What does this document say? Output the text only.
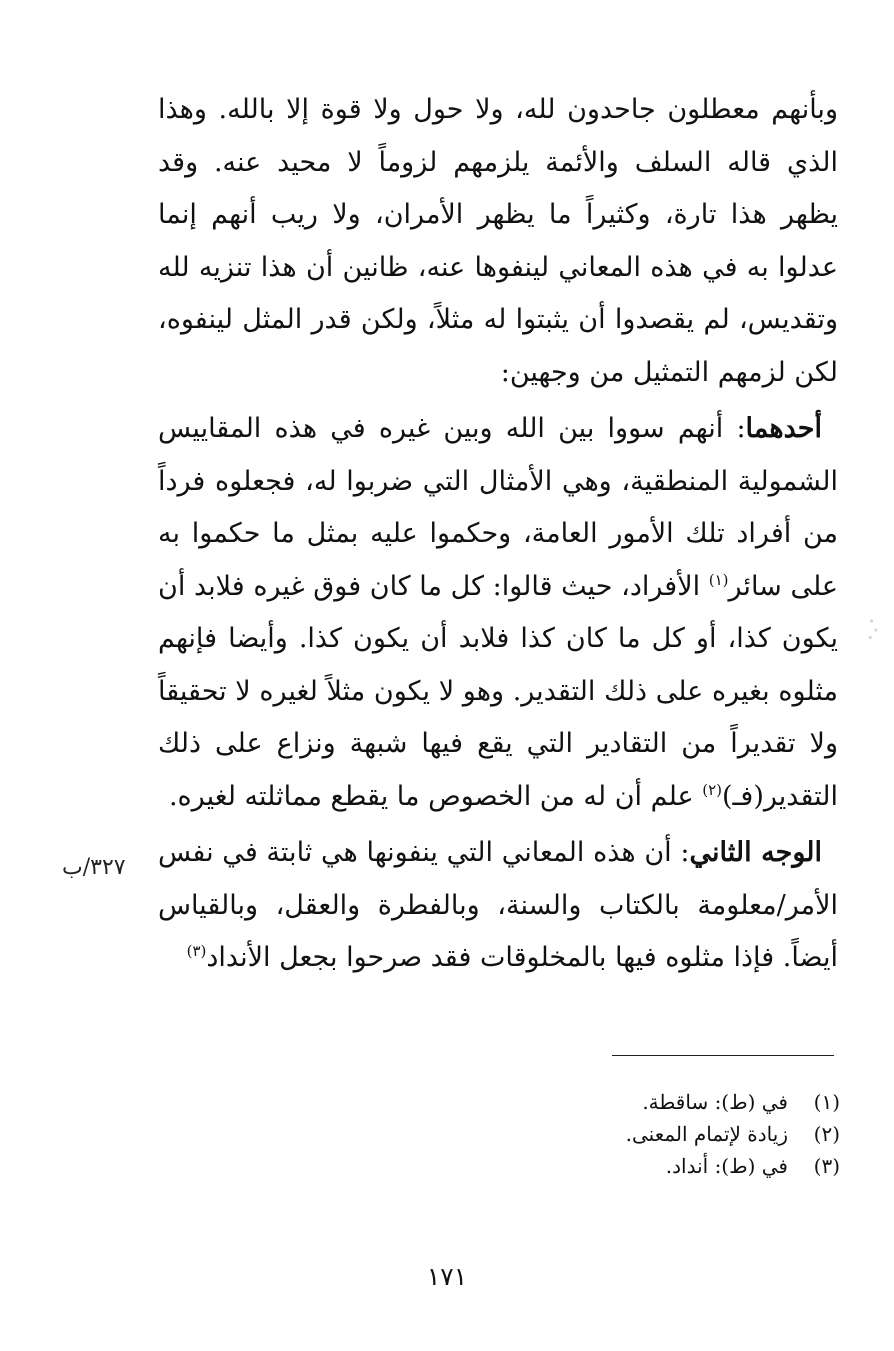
وبأنهم معطلون جاحدون لله، ولا حول ولا قوة إلا بالله. وهذا الذي قاله السلف والأئمة يلزمهم لزوماً لا محيد عنه. وقد يظهر هذا تارة، وكثيراً ما يظهر الأمران، ولا ريب أنهم إنما عدلوا به في هذه المعاني لينفوها عنه، ظانين أن هذا تنزيه لله وتقديس، لم يقصدوا أن يثبتوا له مثلاً، ولكن قدر المثل لينفوه، لكن لزمهم التمثيل من وجهين:

أحدهما: أنهم سووا بين الله وبين غيره في هذه المقاييس الشمولية المنطقية، وهي الأمثال التي ضربوا له، فجعلوه فرداً من أفراد تلك الأمور العامة، وحكموا عليه بمثل ما حكموا به على سائر$^{(١)}$ الأفراد، حيث قالوا: كل ما كان فوق غيره فلابد أن يكون كذا، أو كل ما كان كذا فلابد أن يكون كذا. وأيضا فإنهم مثلوه بغيره على ذلك التقدير. وهو لا يكون مثلاً لغيره لا تحقيقاً ولا تقديراً من التقادير التي يقع فيها شبهة ونزاع على ذلك التقدير(فـ)$^{(٢)}$ علم أن له من الخصوص ما يقطع مماثلته لغيره.

الوجه الثاني: أن هذه المعاني التي ينفونها هي ثابتة في نفس الأمر/معلومة بالكتاب والسنة، وبالفطرة والعقل، وبالقياس أيضاً. فإذا مثلوه فيها بالمخلوقات فقد صرحوا بجعل الأنداد$^{(٣)}$

٣٢٧/ب
(١)
في (ط): ساقطة.
(٢)
زيادة لإتمام المعنى.
(٣)
في (ط): أنداد.
١٧١
